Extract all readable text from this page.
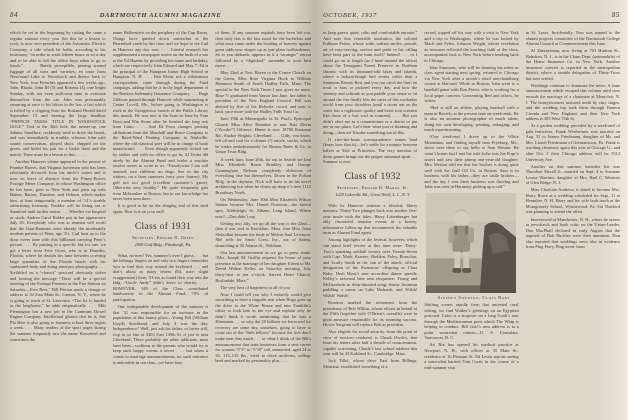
84	DARTMOUTH ALUMNI MAGAZINE

which he set in the beginning by raising the same a regular amount every year (let this be a lesson to you), is now vice-president of the Automatic Electric Company, a title which he holds, according to his testimony, “in order to work fifteen hours or so a day and to be able to tell the office boys when to go to lunch.” . . . . Barely perceptible, peering around luggage of all sorts and varieties, en route from Newfound Lake to Woodstock and thence back to New York, four Frenches appeared a few weeks ago. John, Rhoda, John III (5) and Roberta (3), one bright Sunday, with not even sufficient time to extricate themselves from the car. John was presumably returning at once to his labors in the law, a fact which is belied by a clipping from the Rutland Herald dated September 13 and bearing the large headline “FRENCH TAKES TITLE IN WOODSTOCK GOLF.” Tied at the 36th hole, the runner-up, one Johnny Smidface, recklessly tried to drive the brook, and was immediately in trouble, whereas John with sound conservatism, played short, chipped on the green, and holed his putt for a birdie three and the match. There must be a lesson in this. . . . .

Another Hanover visitor appeared in the person of Frankie Bowes, that Virginia horseman who has been reluctantly divorced from his uncle’s mares and is now on leave of absence from the Pitney-Bowes Postage Meter Company, in whose Washington office he has been, goes to New York and joins up with Batten, Barton, Durstine, and Osborn, which makes him, at least temporarily, a member of ’31’s sizable advertising fraternity. Freddie will be living out at Stamford until further notice. . . . Whether via hospital or stork, Andrea Carol Bulder put in her appearance July 26. Everybody who was at reunion will recall that the Gaai-Bumsins were already the moderately modern parents of Peter, age 3½. Carl beat us to the draw every time with that billboard carrying Peter’s picture. . . . By passing in a specific bid for one, we got a letter from Fritz Groot, who is in Dunedin, Florida, where he divides his time between covering large quantities of the Florida beach with his sunburned body and doing semi-pro photography. . . . Scribbled on a “chassis” postcard obviously stolen and bearing the message “There will be a special meeting of the Exempt Firemen at the Fire Station on Saturday—Free Beer,” Bill Fenton sends a change of address to 32 East Main St., Canton, N. Y., where he is going to teach at St. Lawrence. “The fix is funded in the longhouse,” he adds enigmatically. . . . Milt Flemington has a new job in the Cummins Dowel Engine Company. Intellectual glutton that he is, this Phi Bete is also going to business school three nights a week. . . . Many readers of the sport pages during the summer frequently saw the name Horsefeed and sometimes the

name Halfenstein on the periphery of the Cup Races. Things have quieted down somewhat at the Herreshoff yards by this time, and we hope to see Carl in Hanover any day now. . . . Careful research has supplemented a newspaper notice on the birth of a son to the Ed Hazens by providing his name and birthday, which are respectively John Edward and May 7. Ed is the principal of the Hampton Junior High School in Hampton, N. H. . . . Ben Klein, not a voluminous correspondent, came through during the Fund campaign, adding that he is in the legal department of the Bankers Indemnity Insurance Company. . . . Hugh Gibbons passed through Hanover while summering at Centre Lovell, Me., before going to Washington to work in the Georgetown branch of the Public Library this month. He was met at the boat in June by Fran Horn and Win Stone after he finished the long trek from Cairo. . . . And Ed Frost changes printing affiliations from the Marshall and Bruce Company to the Baird-Ward Printing Company in Nashville, where the old classical poet will be in charge of book manufacture. . . . Even though apparently locked out by strikes and with no office to go in, Al Trotta did nicely by the Alumni Fund and broke a resolute resolve never to write to us. “Familywise I am still married, two children, no dogs, live in the city winters, on a farm summers (very poor farmer). My golf not too good (excellent customer’s game). Otherwise very healthy.” He quite frequently gets from Milwaukee to Boston, but to our knowledge has never been seen there.

It is good to be on the slinging end of this stuff again. How is it on your end?

Class of 1931

Secretary, Edward D. Green

2909 Gulf Bldg., Pittsburgh, Pa.

What, no men! Yes, summer’s over I guess, . . . but the lethargy lingers on and only two fingers remember how to find their way around the keyboard . . . and that’s about as many letters (Ed. note: slight exaggeration) from ’31-ers as found their way into the bldg. “Uncle Andy” didn’t leave to charity. . . . HOWEVER, 349 of the Class contributed handsomely to the Alumni Fund, 78% of participation.

One indisputable development of the summer is that ’31 was responsible for an increase in the population of this brainy place—Young Bill (William Lloyd) Strickland, and July 4 was the day. Independence? Well, just ask his father, or better still, stop in on him at 3304 East 149th St. if you’re near Cleveland. There probably are other additions, must have been—scallions to the parents who would try to keep such happy events a secret . . . but when it comes to marriage announcements, no such reticence is noticeable in our clan—we have four

of them. If any summer nuptials have been left out, then truly this is the last stand for the bachelors and what once came under the heading of bravery against great odds now shapes up as just plain foolhardiness. So to you diehards, appears as if a “strategic” retreat followed by a “dignified” surrender is your best move. . . .

May 22nd at New Haven in the Centre Church on the Green, Miss Rose Virginia Hook to William Hammon Smith of South Hadley Falls, Mass. The special to the New York Times I saw gives no more. Rose V. graduated from Vassar last June, her father is president of the New England Council. Bill was abetted by five of his Holyoke crowd, and now is back once more with the Hadley Falls Trust Co.

June 19th at Minneapolis in St. Paul’s Episcopal Church Miss Alice Bourdon to one Hart Devin (“Zooder”) Gilmore. Home is now 18700 Kinsman Rd., Shaker Heights, Cleveland. . . . Gilly, you know, left oil and coal for a cleaner (?) article, stocks, which he trades ambidextrously for Boston Bates & Co. in Union Trust Bldg.

A week later, June 26th, far out in Seattle we find Miss Elizabeth Rown Brinkley and George Cunningham Nickum completely oblivious of everything else but themselves. Down in the Polson Bldg. in the daytime, Nick will have to do his novel architecting but when he closes up shop it’s now 1112 Broadway North.

On Wednesday, June 30th Miss Elizabeth Wilson Steiner became Mrs. Daniel Donovan—the fateful spot, Addisleigh, St. Albans, Long Island. Where now?—Dan didn’t say.

Getting into July, we go all the way to the 22nd—then it was and at Brookline, Mass. that Miss Janet Slobodkin became the bride of Melvin Saul Levinson. Mel sells for Snow Crest, Inc., out of Salem, domiciling at 35 Adams St., Waltham.

Our last announcement as we go to press reads: “Mrs. Joseph M. Griffin requests the honor of your presence at the marriage of her daughter Eileen to Mr. David Walton Kelley on Saturday morning, July thirty-first at ten o’clock, Sacred Heart Church, Roslindale, Mass.”

The very best of happiness to all of you.

Now I could tell you why I certainly would give something to have a ringside seat when Hugo goes up the drive to the White House and into Franklin’s office to look him in the eye and explain why he didn’t think it worth mentioning that he was a Klansman . . . or why the 20 billions we borrowed for recovery are some day, somehow, going to have to come out of the “little fellows” because the rich don’t make near that much . . . or what I think of the RR’s announcement that train hostesses form a new career for women “5’5” to “5’10” tall, unmarried, aged 24 to 35, 115–135 lbs., vivid in chick uniforms, college bred and marked by personality plus . . . .

OCTOBER, 1937	85

to keep guests quiet, calm and comfortable enroute.” And note that venerable institution, the colored Pullman Porter, whose wide, radiant smiles, yessuh, art of easy-serving, service and pride in his calling have been part of the train itself? Indeed! . . . or I could go on at length (as I have around the office) about the Temagami Forest Preserve in Northern Ontario with its thousand-odd lakes and islands, where a balsam-bough bed seems softer than a Simmons Beauty-Rest and you can catch the limit on trout or bass or pickerel every day, and how the serenity and solitude as you paddle your canoe or sit around the fire finally lifts the cares of this workaday world from your shoulders (until a storm out on the water has a nightmare quality and beats iron screams like those of a lost soul in torment). . . . But you didn’t elect me as a commentator or a diarist so put me in my place. Let’s hear what you’re thinking and doing—then we’ll make something out of this.

If after-the-boats correspondence comes hard (know how that is)—let’s settle for a minute between halves at Yale or Princeton. The very mention of those games brings out the proper autumnal spirit . . . Summer is over.

Class of 1932

Secretary, Edward B. Marks, Jr.

1225 Lakeville Rd., Great Neck, L. I., N. Y.

With its Hanover reunion a blissful, blurry memory, Thirty-Two plunges back into another five-year tussle with the tides. Harry Litzenberger has ably chronicled reunion events in a breezy, informative follow-up that recommends his valuable term as Alumni Fund agent.

Among highlights of the festival, however, which can stand brief review at this time were: Thirty-Two’s spanking softball victory over Twenty-Seven with Capt. Mark, Kramer, Sheldon, Foley, Bonschur, and Scully Smith in the van of the attack; official designation of the Swansons’ offspring as Class Baby; Herb Moss’s new accordion dinner speech; Kelley’s informal beer tent eloquence; Young and McGoodwin in deep-throated song; Sonny Swanson paddling a canoe on Lake Mohawk; and Walsh! Walsh! Walsh!

Reunion marked the retirement from the presidency of Bob Wilkin, whose efforts in behalf of the Fifth (together with O’Brien’s overalls) were in great measure responsible for its zooming success. Howie Sargeant will replace Bob as president.

Also eligible for social security, from the point of view of services rendered, is Chuck Owsley, free from his letters after half a decade of conscientious, capable scrivening. Chuck’s law school address this year will be 43 Kirkland St., Cambridge, Mass.

Jack Tillot, whose drive East from Billings, Montana, established something of a

record, topped off his stay with a visit to New York and a trip to Washington, where he was hosted by Mack and Pyles. Johnson Wright, whose revelation as treasurer reflected the touching faith of the class, accompanied Jack to New York before heading back to Chicago.

John Simmons, who will be donning his robes as class agent starting next spring, returned to Chicago via New York after a month’s retail merchandising course at Harvard. While in Boston, John went to a baseball game with Ken Porter, who is working for a local paper concern. Concerning Red and others, he writes:

“Red is still an athlete, playing baseball with a team in Beverly at the present time on week-ends. He is also an amateur photographer of much talent, doing his own developing, printing, enlarging, and much experimenting.

“One week-end I drove up to the White Mountains, and finding myself near Fryeburg, Me., drove over there to say hello to Sam Weston. He wasn’t home, but I met his wife (who was Joe Pope’s sister) and saw their plump one-year-old daughter. Mrs. Weston told me that her brother is doing quite well with the Gulf Oil Co. in Boston. Sam is in business with his father—they are cattle brokers—and the day I was there business was thriving and John was over in Harmony picking up a calf.”

Stephen Swenson, Class Baby

Shifting scenes rapidly from that ancestral rural setting, we find Walker’s greetings on an Egyptian postcard. Cairo is a stopover on a long Cook’s tour through the Mediterranean ports which The Whip is helping to conduct. Bill Golf’s new address is at a point somewhat remote—U. S. Consulate, Vancouver, B. C.

Art Rix has opened his medical practice at Newport, N. H., with offices at 35 Main St., residence at 16 Pleasant St. Ed Lewis reports seeing a somewhat harried Tom Curtis in the course of a mid-summer visit

in St. Louis. Incidentally, Tom was named to the alumni projects committee of the Dartmouth College Alumni Council at Commencement this June.

Al Zimmerman, now living at 701 Hudson St., Hoboken, N. J., is in the Claim Dept. (automobile) of the Home Insurance Co. in New York. Another insurance convert is reported in the metropolitan district, where a sizable delegation of Thirty-Twos has now settled.

Weddings continue to dominate the news. A June announcement which escaped this column until now records the marriage of a classmate at Montclair, N. J. The honeymooners motored north by easy stages, and the wedding trip took them through Eastern Canada and New England, and their New York address is 305 West 74th St.

At a garden wedding preceded by a week-end of gala festivities, Frank Wertheimer was married on Aug. 31 to Jeanne Friedmann, daughter of Mr. and Mrs. Lionel Friedmann of Germantown, Pa. Frank is teaching chemistry again this year at Chicago U., and after Oct. 1 their Chicago address will be 5514 University Ave.

Another on this summer benedict list was Theodore Morell Jr., married on Sept. 4 to Suzanne Louise Wartiner, daughter of Mrs. Rael C. Wartiner of Glen Ridge, N. J.

Miss Charlotte Andrews is slated to become Mrs. Harry Rowe at a wedding scheduled for Sept. 11 at Henniker, N. H. Harry and his wife both teach at the Montgomery School, Wynnewood, Pa. Stu Thatford was planning to attend the affair.

Interviewed at Manchester, N. H., where he serves as newshawk and book critic on the Union-Leader, Don MacPhail declared in early August that the nuptials of Bob Buckley were then imminent. Don also reported that weddings were also in evidence from Ping Ferry. Ping wrote from
